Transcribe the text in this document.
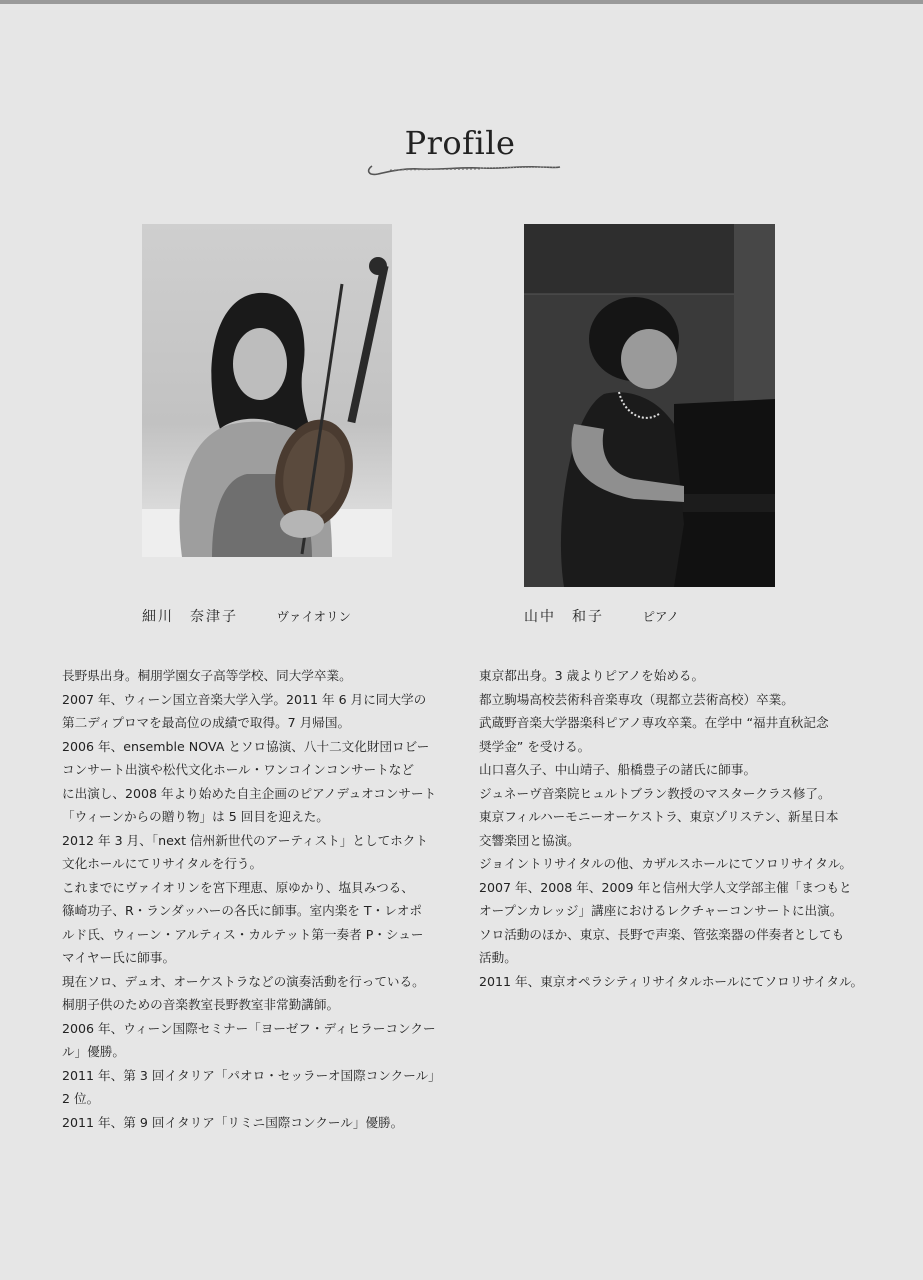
Profile
細川　奈津子	ヴァイオリン	山中　和子	ピアノ

長野県出身。桐朋学園女子高等学校、同大学卒業。

2007 年、ウィーン国立音楽大学入学。2011 年 6 月に同大学の

第二ディプロマを最高位の成績で取得。7 月帰国。

2006 年、ensemble NOVA とソロ協演、八十二文化財団ロビー

コンサート出演や松代文化ホール・ワンコインコンサートなど

に出演し、2008 年より始めた自主企画のピアノデュオコンサート

「ウィーンからの贈り物」は 5 回目を迎えた。

2012 年 3 月、「next 信州新世代のアーティスト」としてホクト

文化ホールにてリサイタルを行う。

これまでにヴァイオリンを宮下理恵、原ゆかり、塩貝みつる、

篠崎功子、R・ランダッハーの各氏に師事。室内楽を T・レオポ

ルド氏、ウィーン・アルティス・カルテット第一奏者 P・シュー

マイヤー氏に師事。

現在ソロ、デュオ、オーケストラなどの演奏活動を行っている。

桐朋子供のための音楽教室長野教室非常勤講師。

2006 年、ウィーン国際セミナー「ヨーゼフ・ディヒラーコンクー

ル」優勝。

2011 年、第 3 回イタリア「パオロ・セッラーオ国際コンクール」

2 位。

2011 年、第 9 回イタリア「リミニ国際コンクール」優勝。

東京都出身。3 歳よりピアノを始める。

都立駒場高校芸術科音楽専攻（現都立芸術高校）卒業。

武蔵野音楽大学器楽科ピアノ専攻卒業。在学中 “福井直秋記念

奨学金” を受ける。

山口喜久子、中山靖子、船橋豊子の諸氏に師事。

ジュネーヴ音楽院ヒュルトブラン教授のマスタークラス修了。

東京フィルハーモニーオーケストラ、東京ゾリステン、新星日本

交響楽団と協演。

ジョイントリサイタルの他、カザルスホールにてソロリサイタル。

2007 年、2008 年、2009 年と信州大学人文学部主催「まつもと

オープンカレッジ」講座におけるレクチャーコンサートに出演。

ソロ活動のほか、東京、長野で声楽、管弦楽器の伴奏者としても

活動。

2011 年、東京オペラシティリサイタルホールにてソロリサイタル。
